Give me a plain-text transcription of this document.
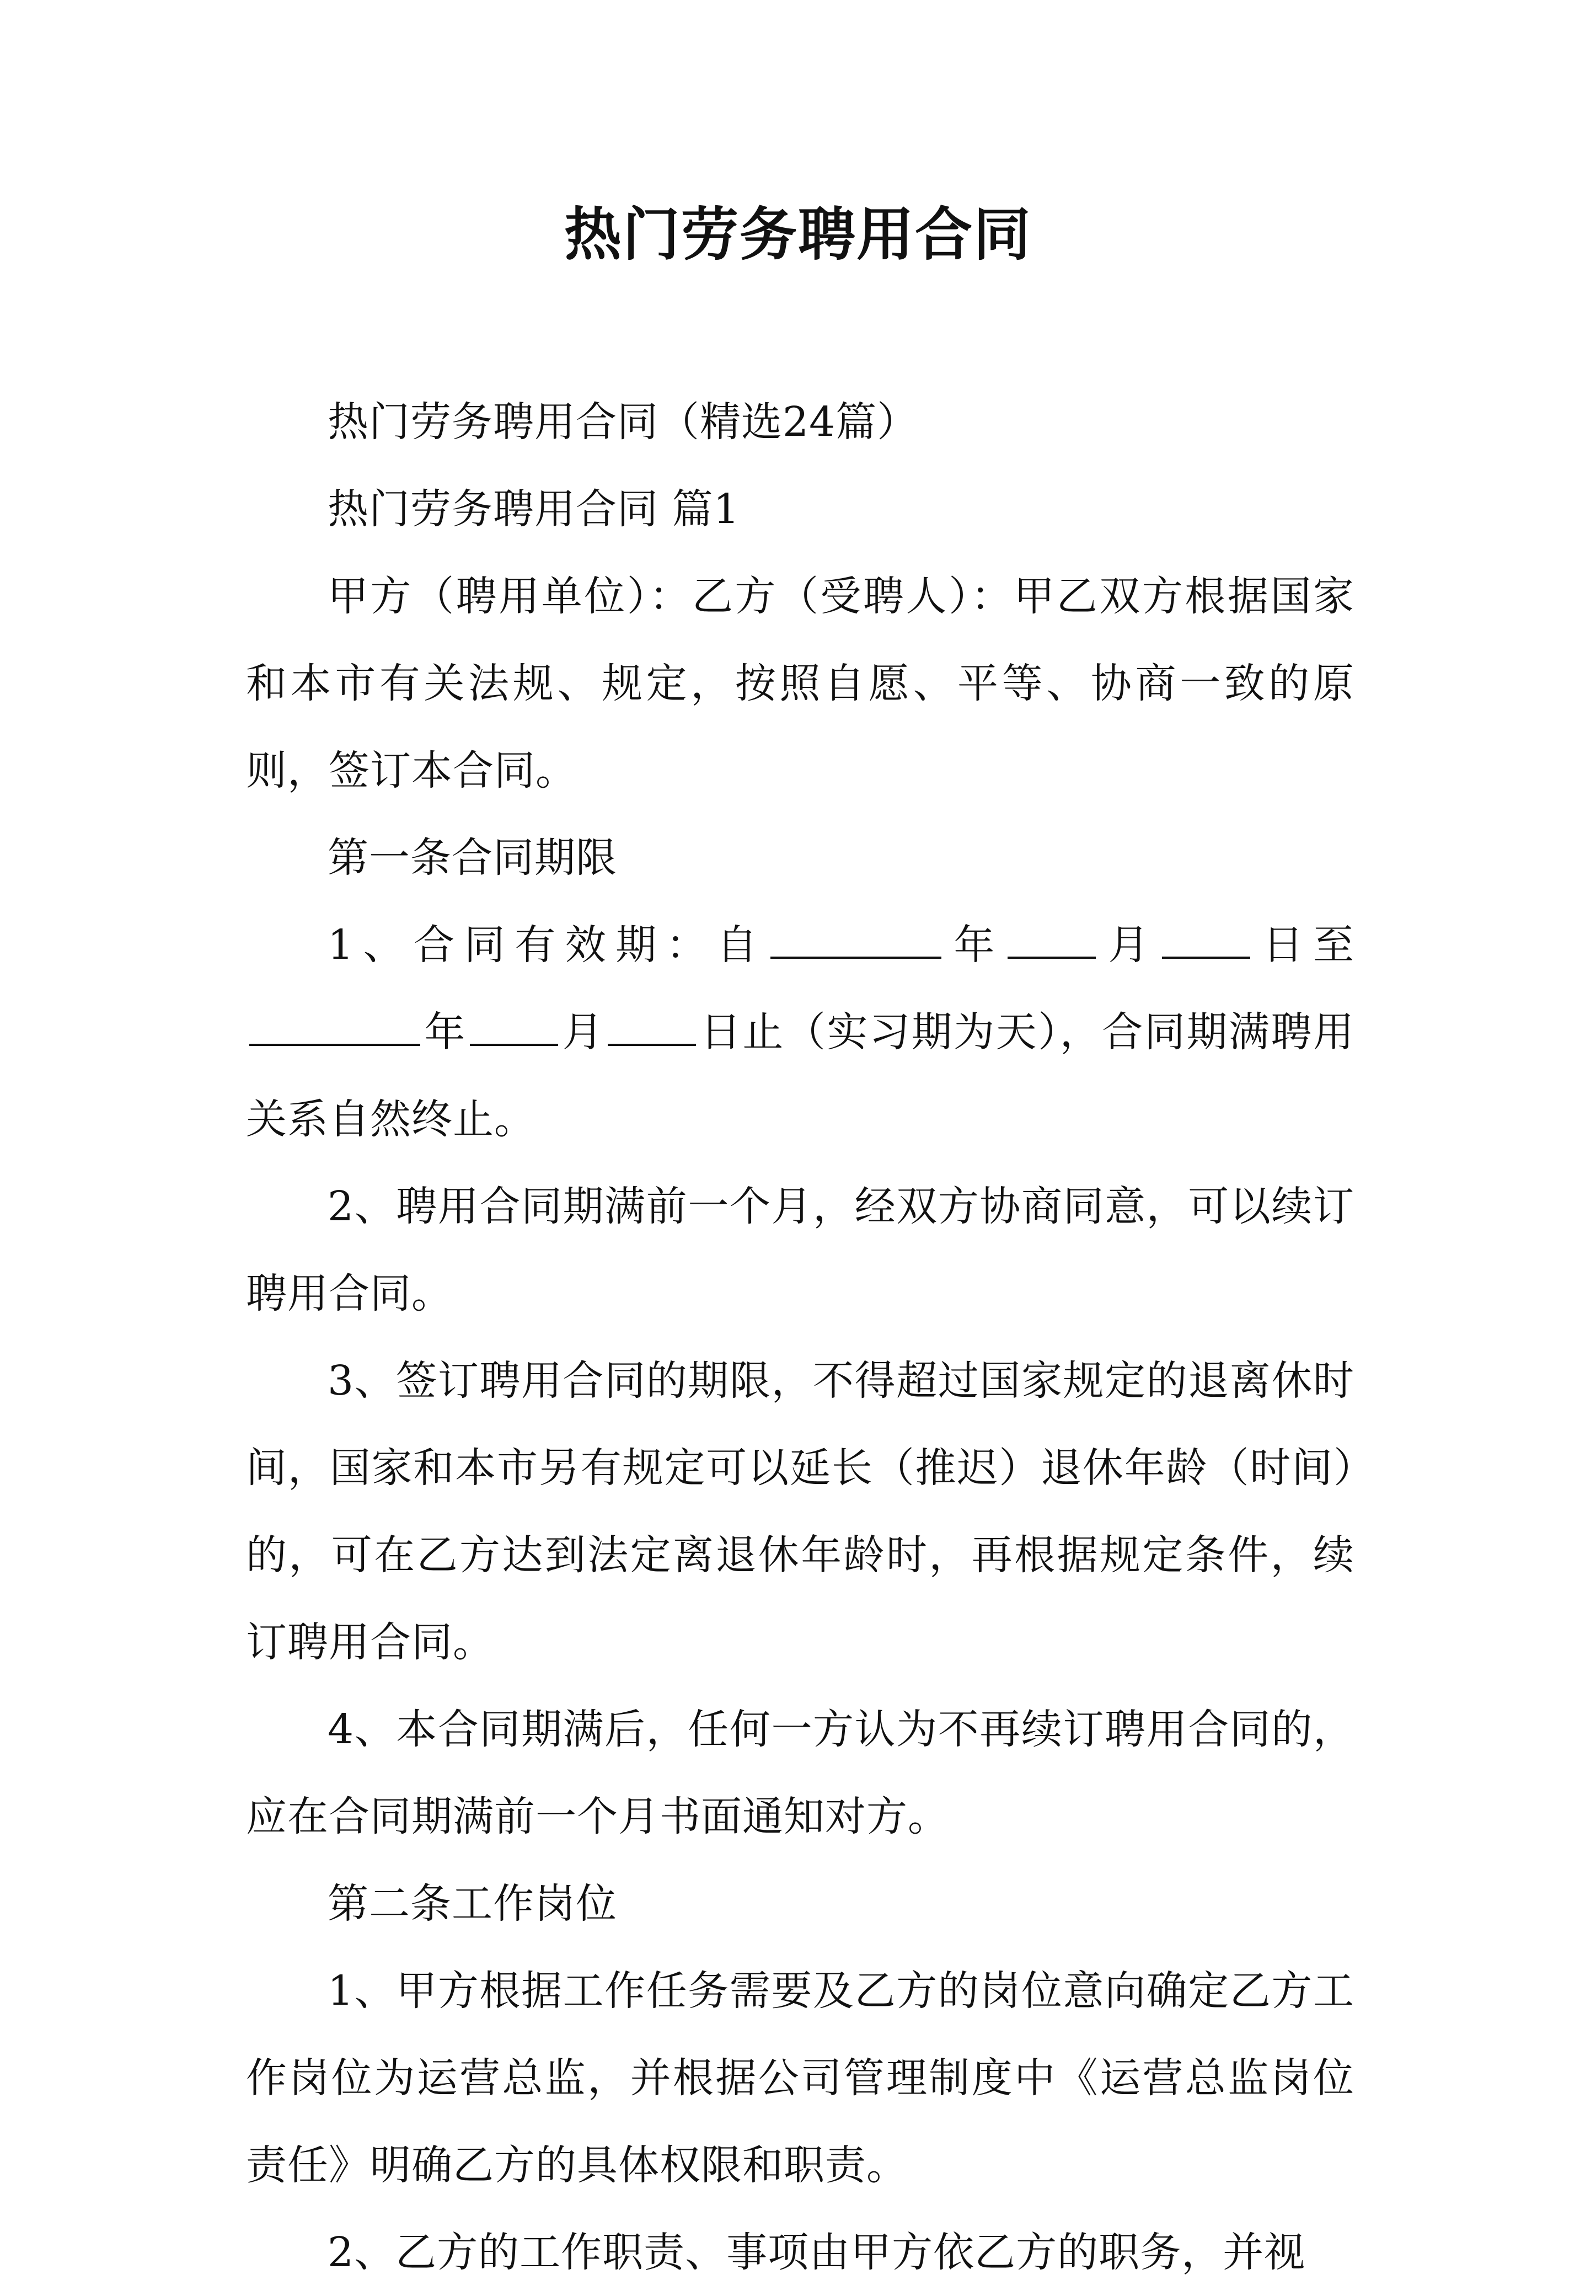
热门劳务聘用合同

热门劳务聘用合同（精选24篇）

热门劳务聘用合同 篇1

甲方（聘用单位）：乙方（受聘人）：甲乙双方根据国家和本市有关法规、规定，按照自愿、平等、协商一致的原则，签订本合同。

第一条合同期限

1、合同有效期：自	年 月 日至年 月 日止（实习期为天），合同期满聘用关系自然终止。

2、聘用合同期满前一个月，经双方协商同意，可以续订聘用合同。

3、签订聘用合同的期限，不得超过国家规定的退离休时间，国家和本市另有规定可以延长（推迟）退休年龄（时间）的，可在乙方达到法定离退休年龄时，再根据规定条件，续订聘用合同。

4、本合同期满后，任何一方认为不再续订聘用合同的，应在合同期满前一个月书面通知对方。

第二条工作岗位

1、甲方根据工作任务需要及乙方的岗位意向确定乙方工作岗位为运营总监，并根据公司管理制度中《运营总监岗位责任》明确乙方的具体权限和职责。

2、乙方的工作职责、事项由甲方依乙方的职务，并视
